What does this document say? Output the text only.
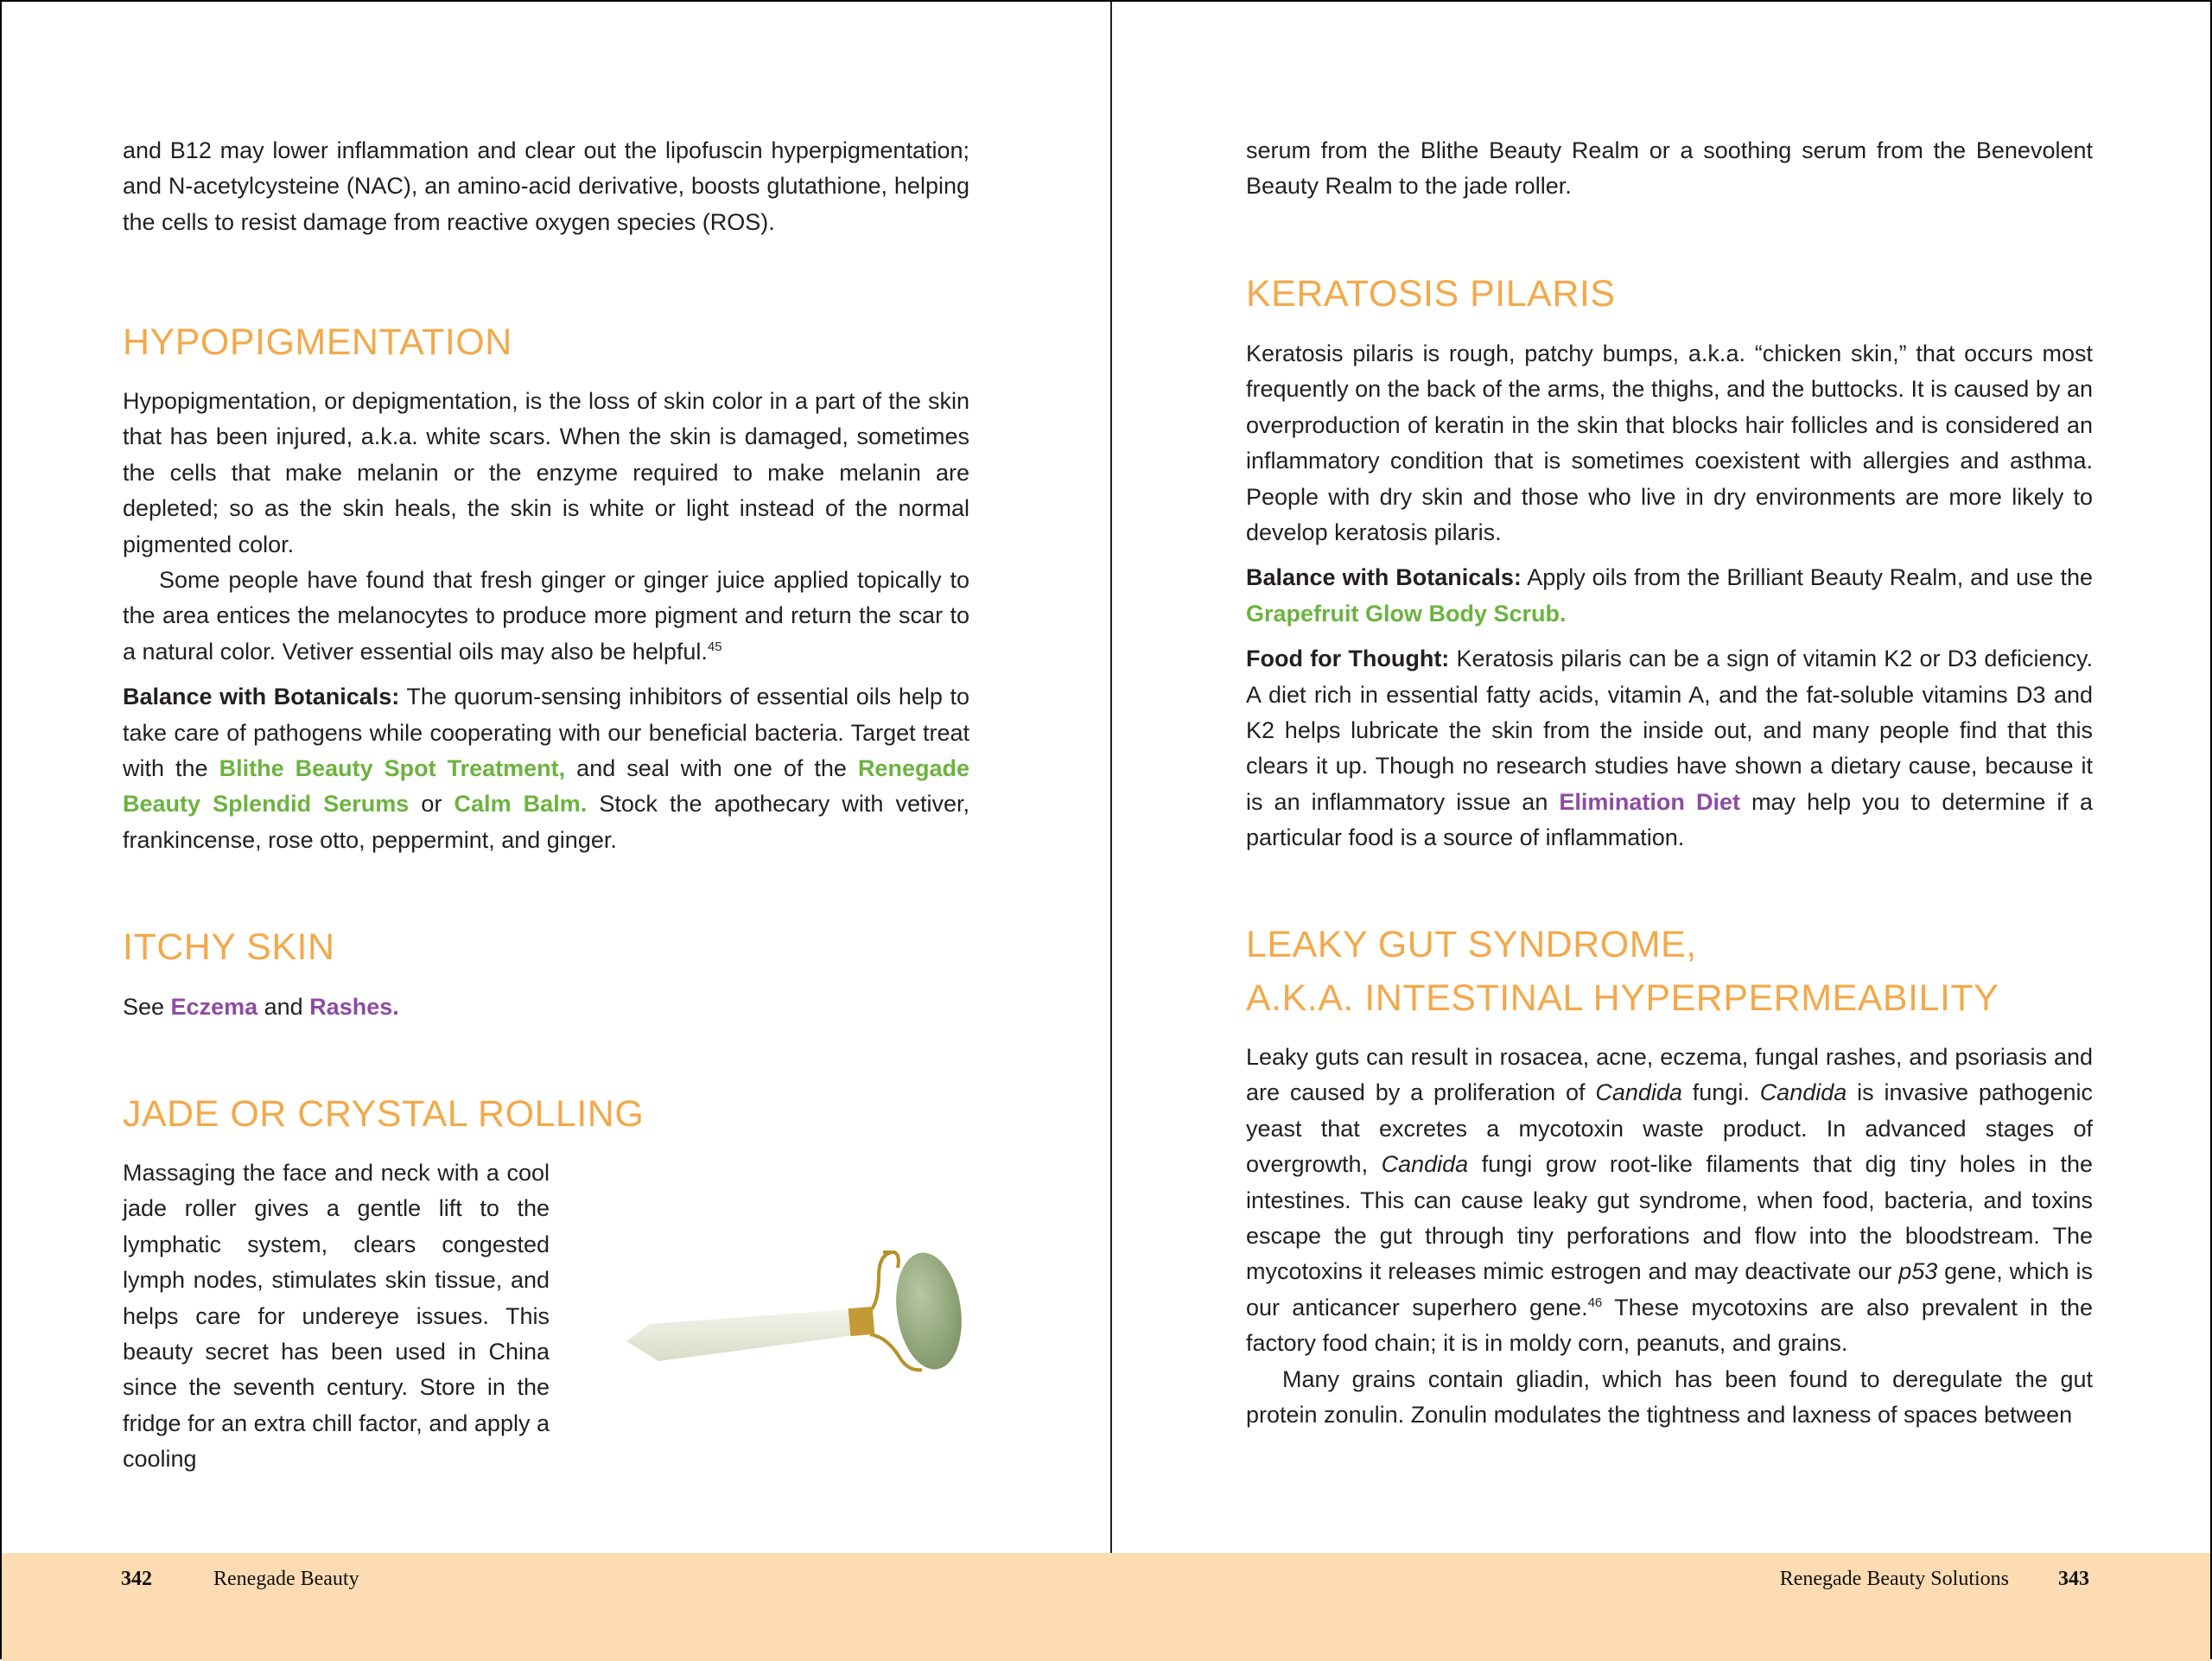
and B12 may lower inflammation and clear out the lipofuscin hyperpigmentation; and N-acetylcysteine (NAC), an amino-acid derivative, boosts glutathione, helping the cells to resist damage from reactive oxygen species (ROS).

HYPOPIGMENTATION

Hypopigmentation, or depigmentation, is the loss of skin color in a part of the skin that has been injured, a.k.a. white scars. When the skin is damaged, sometimes the cells that make melanin or the enzyme required to make melanin are depleted; so as the skin heals, the skin is white or light instead of the normal pigmented color.

Some people have found that fresh ginger or ginger juice applied topically to the area entices the melanocytes to produce more pigment and return the scar to a natural color. Vetiver essential oils may also be helpful.$^{45}$

Balance with Botanicals: The quorum-sensing inhibitors of essential oils help to take care of pathogens while cooperating with our beneficial bacteria. Target treat with the Blithe Beauty Spot Treatment, and seal with one of the Renegade Beauty Splendid Serums or Calm Balm. Stock the apothecary with vetiver, frankincense, rose otto, peppermint, and ginger.

ITCHY SKIN

See Eczema and Rashes.

JADE OR CRYSTAL ROLLING

Massaging the face and neck with a cool jade roller gives a gentle lift to the lymphatic system, clears congested lymph nodes, stimulates skin tissue, and helps care for undereye issues. This beauty secret has been used in China since the seventh century. Store in the fridge for an extra chill factor, and apply a cooling

serum from the Blithe Beauty Realm or a soothing serum from the Benevolent Beauty Realm to the jade roller.

KERATOSIS PILARIS

Keratosis pilaris is rough, patchy bumps, a.k.a. “chicken skin,” that occurs most frequently on the back of the arms, the thighs, and the buttocks. It is caused by an overproduction of keratin in the skin that blocks hair follicles and is considered an inflammatory condition that is sometimes coexistent with allergies and asthma. People with dry skin and those who live in dry environments are more likely to develop keratosis pilaris.

Balance with Botanicals: Apply oils from the Brilliant Beauty Realm, and use the Grapefruit Glow Body Scrub.

Food for Thought: Keratosis pilaris can be a sign of vitamin K2 or D3 deficiency. A diet rich in essential fatty acids, vitamin A, and the fat-soluble vitamins D3 and K2 helps lubricate the skin from the inside out, and many people find that this clears it up. Though no research studies have shown a dietary cause, because it is an inflammatory issue an Elimination Diet may help you to determine if a particular food is a source of inflammation.

LEAKY GUT SYNDROME,
A.K.A. INTESTINAL HYPERPERMEABILITY

Leaky guts can result in rosacea, acne, eczema, fungal rashes, and psoriasis and are caused by a proliferation of Candida fungi. Candida is invasive pathogenic yeast that excretes a mycotoxin waste product. In advanced stages of overgrowth, Candida fungi grow root-like filaments that dig tiny holes in the intestines. This can cause leaky gut syndrome, when food, bacteria, and toxins escape the gut through tiny perforations and flow into the bloodstream. The mycotoxins it releases mimic estrogen and may deactivate our p53 gene, which is our anticancer superhero gene.$^{46}$ These mycotoxins are also prevalent in the factory food chain; it is in moldy corn, peanuts, and grains.

Many grains contain gliadin, which has been found to deregulate the gut protein zonulin. Zonulin modulates the tightness and laxness of spaces between

342	Renegade Beauty	Renegade Beauty Solutions 343
